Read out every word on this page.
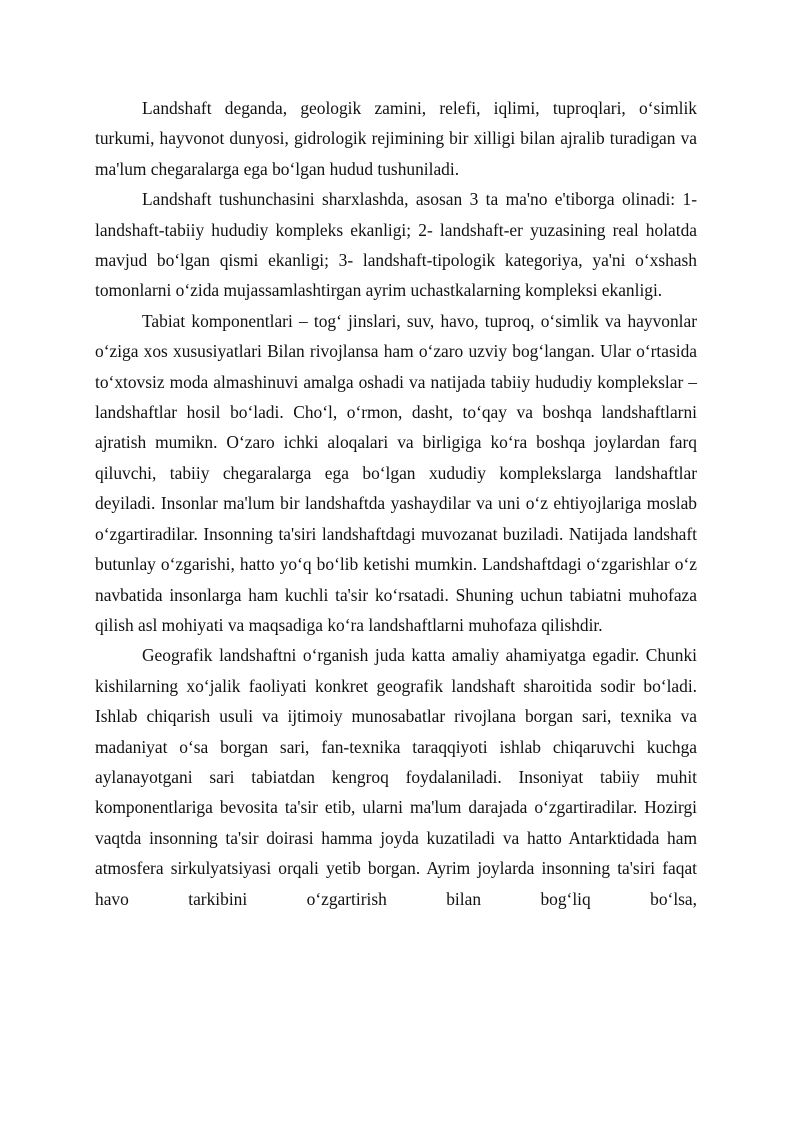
Landshaft deganda, geologik zamini, relefi, iqlimi, tuproqlari, o‘simlik turkumi, hayvonot dunyosi, gidrologik rejimining bir xilligi bilan ajralib turadigan va ma'lum chegaralarga ega bo‘lgan hudud tushuniladi.

Landshaft tushunchasini sharxlashda, asosan 3 ta ma'no e'tiborga olinadi: 1- landshaft-tabiiy hududiy kompleks ekanligi; 2- landshaft-er yuzasining real holatda mavjud bo‘lgan qismi ekanligi; 3- landshaft-tipologik kategoriya, ya'ni o‘xshash tomonlarni o‘zida mujassamlashtirgan ayrim uchastkalarning kompleksi ekanligi.

Tabiat komponentlari – tog‘ jinslari, suv, havo, tuproq, o‘simlik va hayvonlar o‘ziga xos xususiyatlari Bilan rivojlansa ham o‘zaro uzviy bog‘langan. Ular o‘rtasida to‘xtovsiz moda almashinuvi amalga oshadi va natijada tabiiy hududiy komplekslar – landshaftlar hosil bo‘ladi. Cho‘l, o‘rmon, dasht, to‘qay va boshqa landshaftlarni ajratish mumikn. O‘zaro ichki aloqalari va birligiga ko‘ra boshqa joylardan farq qiluvchi, tabiiy chegaralarga ega bo‘lgan xududiy komplekslarga landshaftlar deyiladi. Insonlar ma'lum bir landshaftda yashaydilar va uni o‘z ehtiyojlariga moslab o‘zgartiradilar. Insonning ta'siri landshaftdagi muvozanat buziladi. Natijada landshaft butunlay o‘zgarishi, hatto yo‘q bo‘lib ketishi mumkin. Landshaftdagi o‘zgarishlar o‘z navbatida insonlarga ham kuchli ta'sir ko‘rsatadi. Shuning uchun tabiatni muhofaza qilish asl mohiyati va maqsadiga ko‘ra landshaftlarni muhofaza qilishdir.

Geografik landshaftni o‘rganish juda katta amaliy ahamiyatga egadir. Chunki kishilarning xo‘jalik faoliyati konkret geografik landshaft sharoitida sodir bo‘ladi. Ishlab chiqarish usuli va ijtimoiy munosabatlar rivojlana borgan sari, texnika va madaniyat o‘sa borgan sari, fan-texnika taraqqiyoti ishlab chiqaruvchi kuchga aylanayotgani sari tabiatdan kengroq foydalaniladi. Insoniyat tabiiy muhit komponentlariga bevosita ta'sir etib, ularni ma'lum darajada o‘zgartiradilar. Hozirgi vaqtda insonning ta'sir doirasi hamma joyda kuzatiladi va hatto Antarktidada ham atmosfera sirkulyatsiyasi orqali yetib borgan. Ayrim joylarda insonning ta'siri faqat havo tarkibini o‘zgartirish bilan bog‘liq bo‘lsa,
